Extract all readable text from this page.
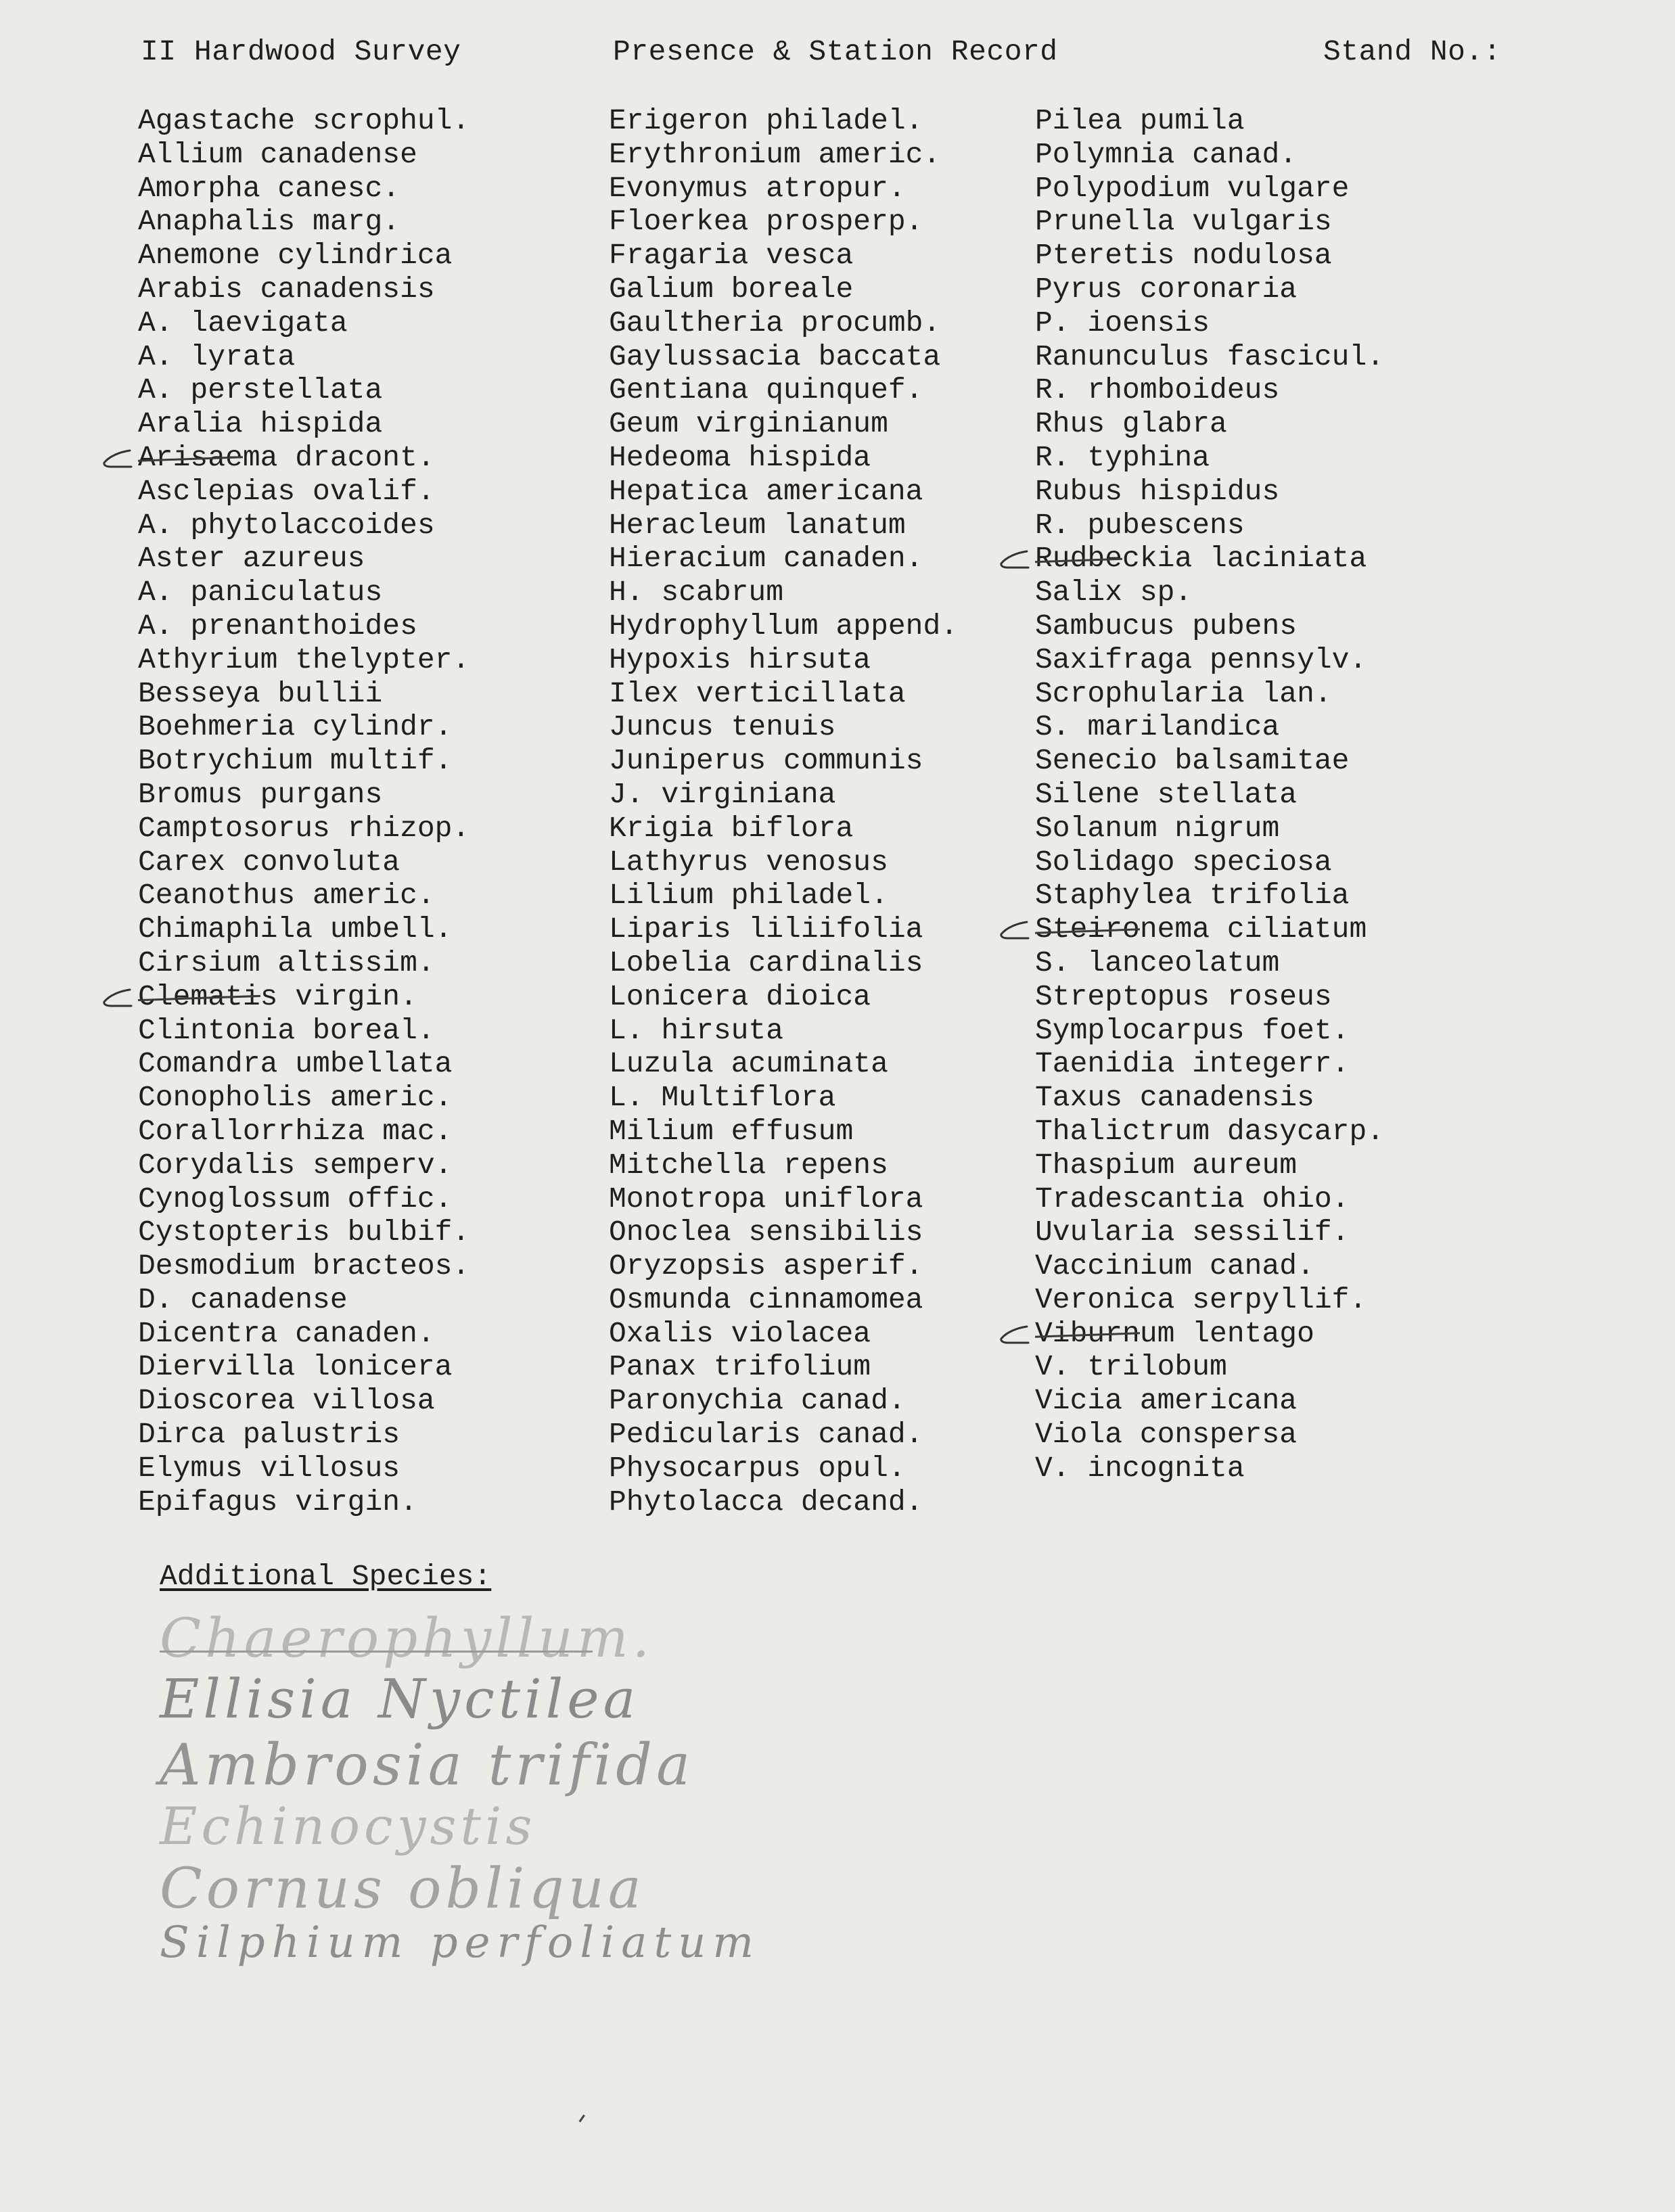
II Hardwood Survey	Presence & Station Record	Stand No.:
Agastache scrophul.
Allium canadense
Amorpha canesc.
Anaphalis marg.
Anemone cylindrica
Arabis canadensis
A. laevigata
A. lyrata
A. perstellata
Aralia hispida
Arisaema dracont.
Asclepias ovalif.
A. phytolaccoides
Aster azureus
A. paniculatus
A. prenanthoides
Athyrium thelypter.
Besseya bullii
Boehmeria cylindr.
Botrychium multif.
Bromus purgans
Camptosorus rhizop.
Carex convoluta
Ceanothus americ.
Chimaphila umbell.
Cirsium altissim.
Clematis virgin.
Clintonia boreal.
Comandra umbellata
Conopholis americ.
Corallorrhiza mac.
Corydalis semperv.
Cynoglossum offic.
Cystopteris bulbif.
Desmodium bracteos.
D. canadense
Dicentra canaden.
Diervilla lonicera
Dioscorea villosa
Dirca palustris
Elymus villosus
Epifagus virgin.
Erigeron philadel.
Erythronium americ.
Evonymus atropur.
Floerkea prosperp.
Fragaria vesca
Galium boreale
Gaultheria procumb.
Gaylussacia baccata
Gentiana quinquef.
Geum virginianum
Hedeoma hispida
Hepatica americana
Heracleum lanatum
Hieracium canaden.
H. scabrum
Hydrophyllum append.
Hypoxis hirsuta
Ilex verticillata
Juncus tenuis
Juniperus communis
J. virginiana
Krigia biflora
Lathyrus venosus
Lilium philadel.
Liparis liliifolia
Lobelia cardinalis
Lonicera dioica
L. hirsuta
Luzula acuminata
L. Multiflora
Milium effusum
Mitchella repens
Monotropa uniflora
Onoclea sensibilis
Oryzopsis asperif.
Osmunda cinnamomea
Oxalis violacea
Panax trifolium
Paronychia canad.
Pedicularis canad.
Physocarpus opul.
Phytolacca decand.
Pilea pumila
Polymnia canad.
Polypodium vulgare
Prunella vulgaris
Pteretis nodulosa
Pyrus coronaria
P. ioensis
Ranunculus fascicul.
R. rhomboideus
Rhus glabra
R. typhina
Rubus hispidus
R. pubescens
Rudbeckia laciniata
Salix sp.
Sambucus pubens
Saxifraga pennsylv.
Scrophularia lan.
S. marilandica
Senecio balsamitae
Silene stellata
Solanum nigrum
Solidago speciosa
Staphylea trifolia
Steironema ciliatum
S. lanceolatum
Streptopus roseus
Symplocarpus foet.
Taenidia integerr.
Taxus canadensis
Thalictrum dasycarp.
Thaspium aureum
Tradescantia ohio.
Uvularia sessilif.
Vaccinium canad.
Veronica serpyllif.
Viburnum lentago
V. trilobum
Vicia americana
Viola conspersa
V. incognita
Additional Species:
Chaerophyllum.
Ellisia Nyctilea
Ambrosia trifida
Echinocystis
Cornus obliqua
Silphium perfoliatum
